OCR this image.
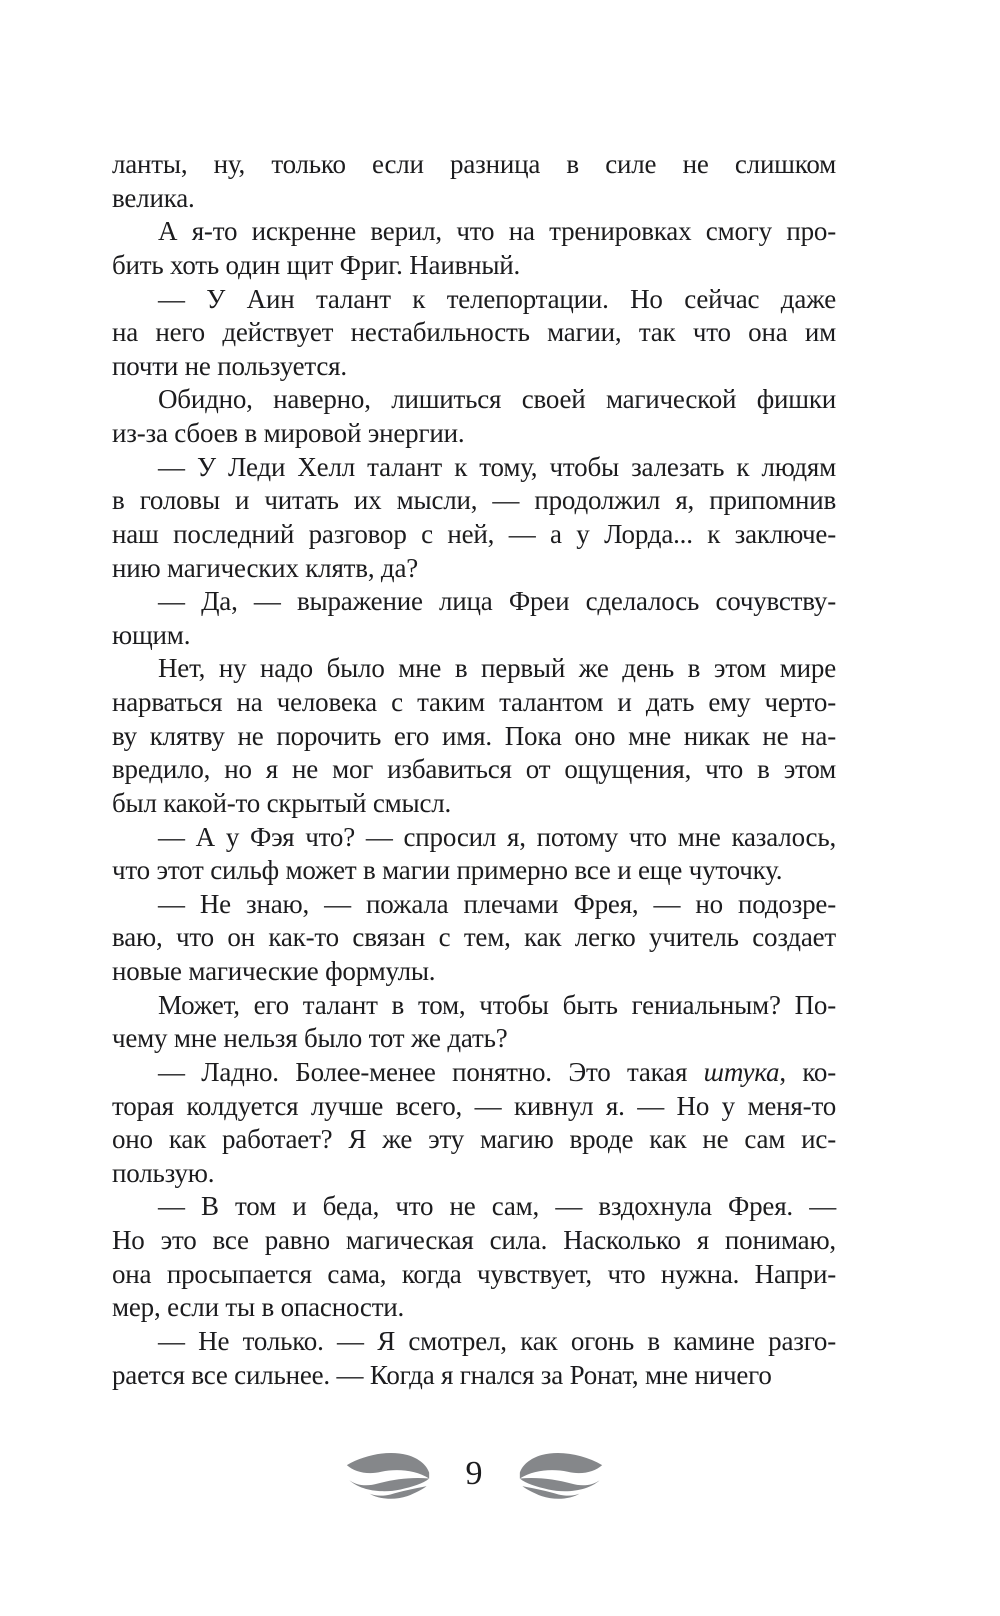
ланты, ну, только если разница в силе не слишком
велика.
А я-то искренне верил, что на тренировках смогу про-
бить хоть один щит Фриг. Наивный.
— У Аин талант к телепортации. Но сейчас даже
на него действует нестабильность магии, так что она им
почти не пользуется.
Обидно, наверно, лишиться своей магической фишки
из-за сбоев в мировой энергии.
— У Леди Хелл талант к тому, чтобы залезать к людям
в головы и читать их мысли, — продолжил я, припомнив
наш последний разговор с ней, — а у Лорда... к заключе-
нию магических клятв, да?
— Да, — выражение лица Фреи сделалось сочувству-
ющим.
Нет, ну надо было мне в первый же день в этом мире
нарваться на человека с таким талантом и дать ему черто-
ву клятву не порочить его имя. Пока оно мне никак не на-
вредило, но я не мог избавиться от ощущения, что в этом
был какой-то скрытый смысл.
— А у Фэя что? — спросил я, потому что мне казалось,
что этот сильф может в магии примерно все и еще чуточку.
— Не знаю, — пожала плечами Фрея, — но подозре-
ваю, что он как-то связан с тем, как легко учитель создает
новые магические формулы.
Может, его талант в том, чтобы быть гениальным? По-
чему мне нельзя было тот же дать?
— Ладно. Более-менее понятно. Это такая штука, ко-
торая колдуется лучше всего, — кивнул я. — Но у меня-то
оно как работает? Я же эту магию вроде как не сам ис-
пользую.
— В том и беда, что не сам, — вздохнула Фрея. —
Но это все равно магическая сила. Насколько я понимаю,
она просыпается сама, когда чувствует, что нужна. Напри-
мер, если ты в опасности.
— Не только. — Я смотрел, как огонь в камине разго-
рается все сильнее. — Когда я гнался за Ронат, мне ничего
9
